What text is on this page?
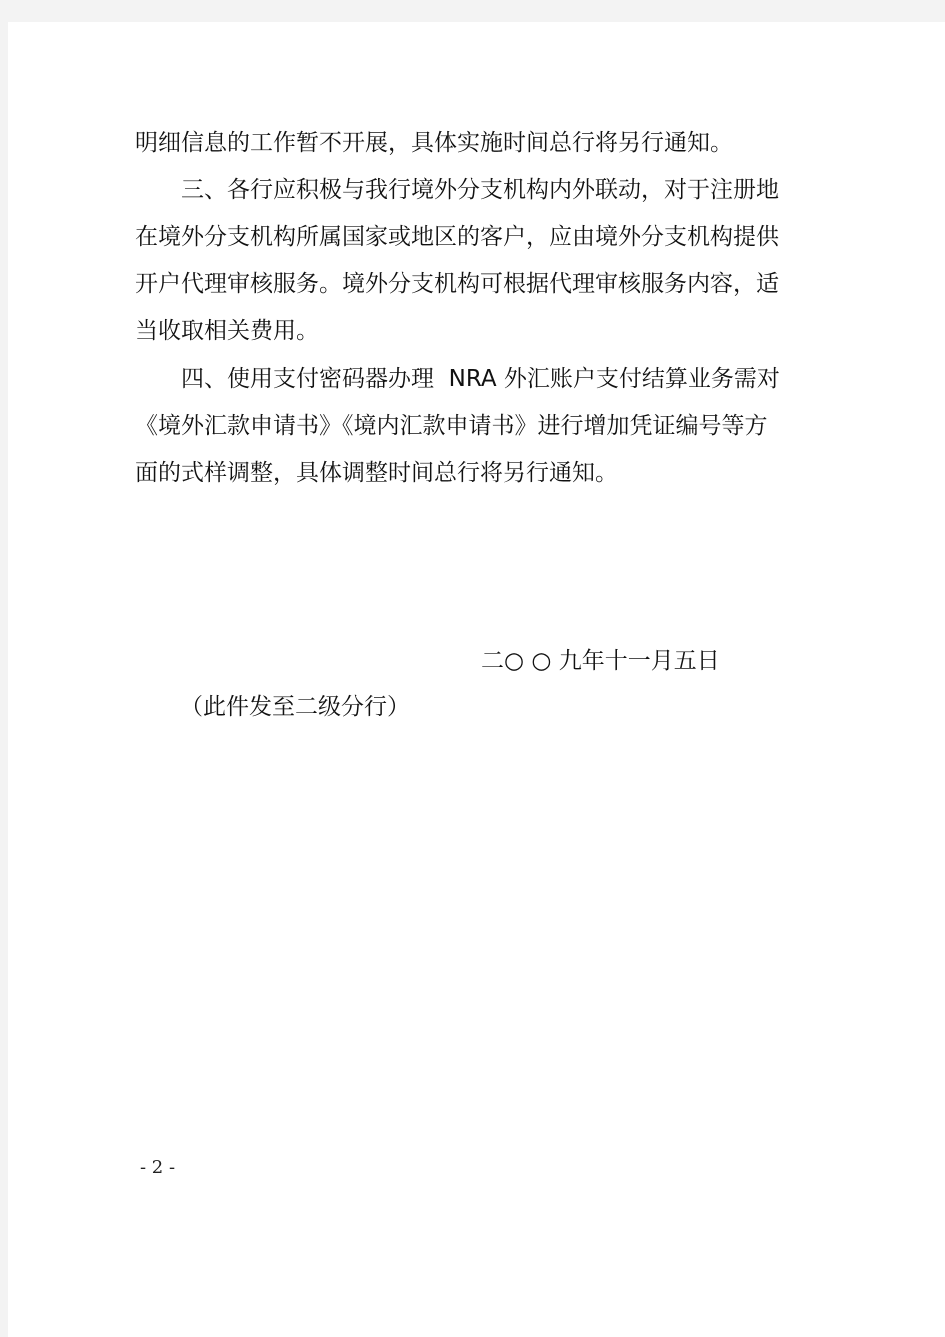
明细信息的工作暂不开展，具体实施时间总行将另行通知。
三、各行应积极与我行境外分支机构内外联动，对于注册地
在境外分支机构所属国家或地区的客户，应由境外分支机构提供
开户代理审核服务。境外分支机构可根据代理审核服务内容，适
当收取相关费用。
四、使用支付密码器办理  NRA 外汇账户支付结算业务需对
《境外汇款申请书》《境内汇款申请书》进行增加凭证编号等方
面的式样调整，具体调整时间总行将另行通知。
二○ ○ 九年十一月五日
（此件发至二级分行）
- 2 -
